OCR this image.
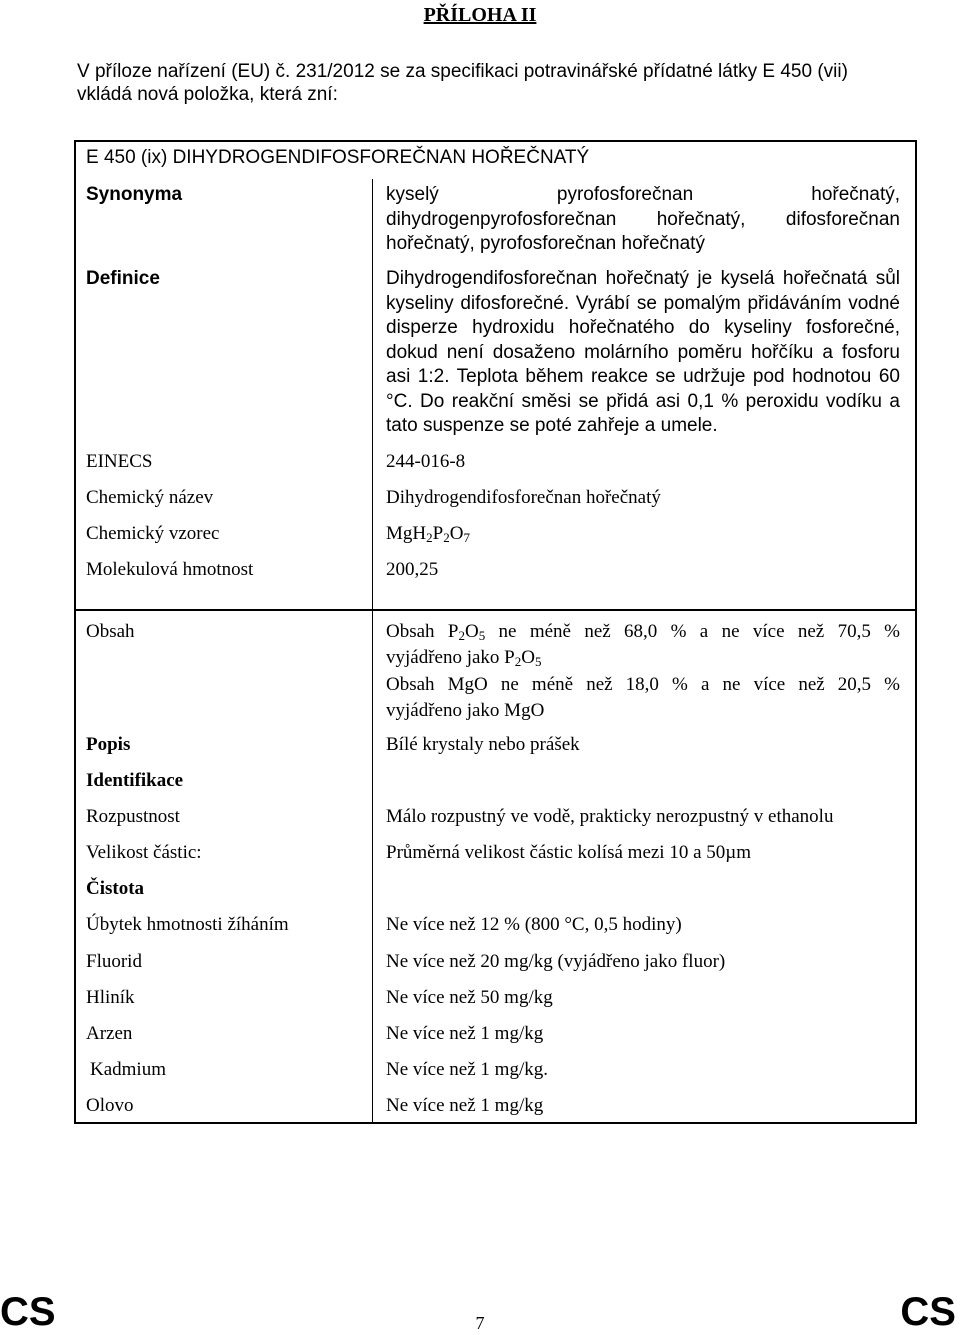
PŘÍLOHA II
V příloze nařízení (EU) č. 231/2012 se za specifikaci potravinářské přídatné látky E 450 (vii) vkládá nová položka, která zní:
E 450 (ix) DIHYDROGENDIFOSFOREČNAN HOŘEČNATÝ
Synonyma	kyselý pyrofosforečnan hořečnatý, dihydrogenpyrofosforečnan hořečnatý, difosforečnan hořečnatý, pyrofosforečnan hořečnatý
Definice	Dihydrogendifosforečnan hořečnatý je kyselá hořečnatá sůl kyseliny difosforečné. Vyrábí se pomalým přidáváním vodné disperze hydroxidu hořečnatého do kyseliny fosforečné, dokud není dosaženo molárního poměru hořčíku a fosforu asi 1:2. Teplota během reakce se udržuje pod hodnotou 60 °C. Do reakční směsi se přidá asi 0,1 % peroxidu vodíku a tato suspenze se poté zahřeje a umele.
EINECS	244-016-8
Chemický název	Dihydrogendifosforečnan hořečnatý
Chemický vzorec	$MgH_2P_2O_7$
Molekulová hmotnost	200,25
Obsah	Obsah $P_2O_5$ ne méně než 68,0 % a ne více než 70,5 %
vyjádřeno jako $P_2O_5$
Obsah MgO ne méně než 18,0 % a ne více než 20,5 %
vyjádřeno jako MgO
Popis	Bílé krystaly nebo prášek
Identifikace
Rozpustnost	Málo rozpustný ve vodě, prakticky nerozpustný v ethanolu
Velikost částic:	Průměrná velikost částic kolísá mezi 10 a 50µm
Čistota
Úbytek hmotnosti žíháním	Ne více než 12 % (800 °C, 0,5 hodiny)
Fluorid	Ne více než 20 mg/kg (vyjádřeno jako fluor)
Hliník	Ne více než 50 mg/kg
Arzen	Ne více než 1 mg/kg
Kadmium	Ne více než 1 mg/kg.
Olovo	Ne více než 1 mg/kg
CS	7	CS
